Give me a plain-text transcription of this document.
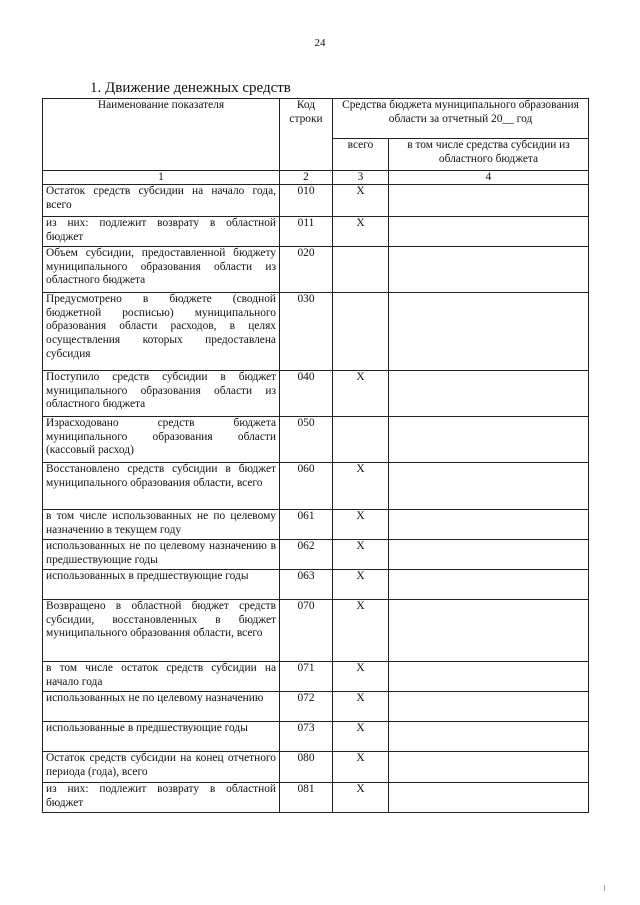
24
1. Движение денежных средств
Наименование показателя	Код строки	Средства бюджета муниципального образования области за отчетный 20__ год	
		всего	в том числе средства субсидии из областного бюджета
1	2	3	4
Остаток средств субсидии на начало года, всего	010	X	
из них: подлежит возврату в областной бюджет	011	X	
Объем субсидии, предоставленной бюджету муниципального образования области из областного бюджета	020		
Предусмотрено в бюджете (сводной бюджетной росписью) муниципального образования области расходов, в целях осуществления которых предоставлена субсидия	030		
Поступило средств субсидии в бюджет муниципального образования области из областного бюджета	040	X	
Израсходовано средств бюджета муниципального образования области (кассовый расход)	050		
Восстановлено средств субсидии в бюджет муниципального образования области, всего	060	X	
в том числе использованных не по целевому назначению в текущем году	061	X	
использованных не по целевому назначению в предшествующие годы	062	X	
использованных в предшествующие годы	063	X	
Возвращено в областной бюджет средств субсидии, восстановленных в бюджет муниципального образования области, всего	070	X	
в том числе остаток средств субсидии на начало года	071	X	
использованных не по целевому назначению	072	X	
использованные в предшествующие годы	073	X	
Остаток средств субсидии на конец отчетного периода (года), всего	080	X	
из них: подлежит возврату в областной бюджет	081	X	
